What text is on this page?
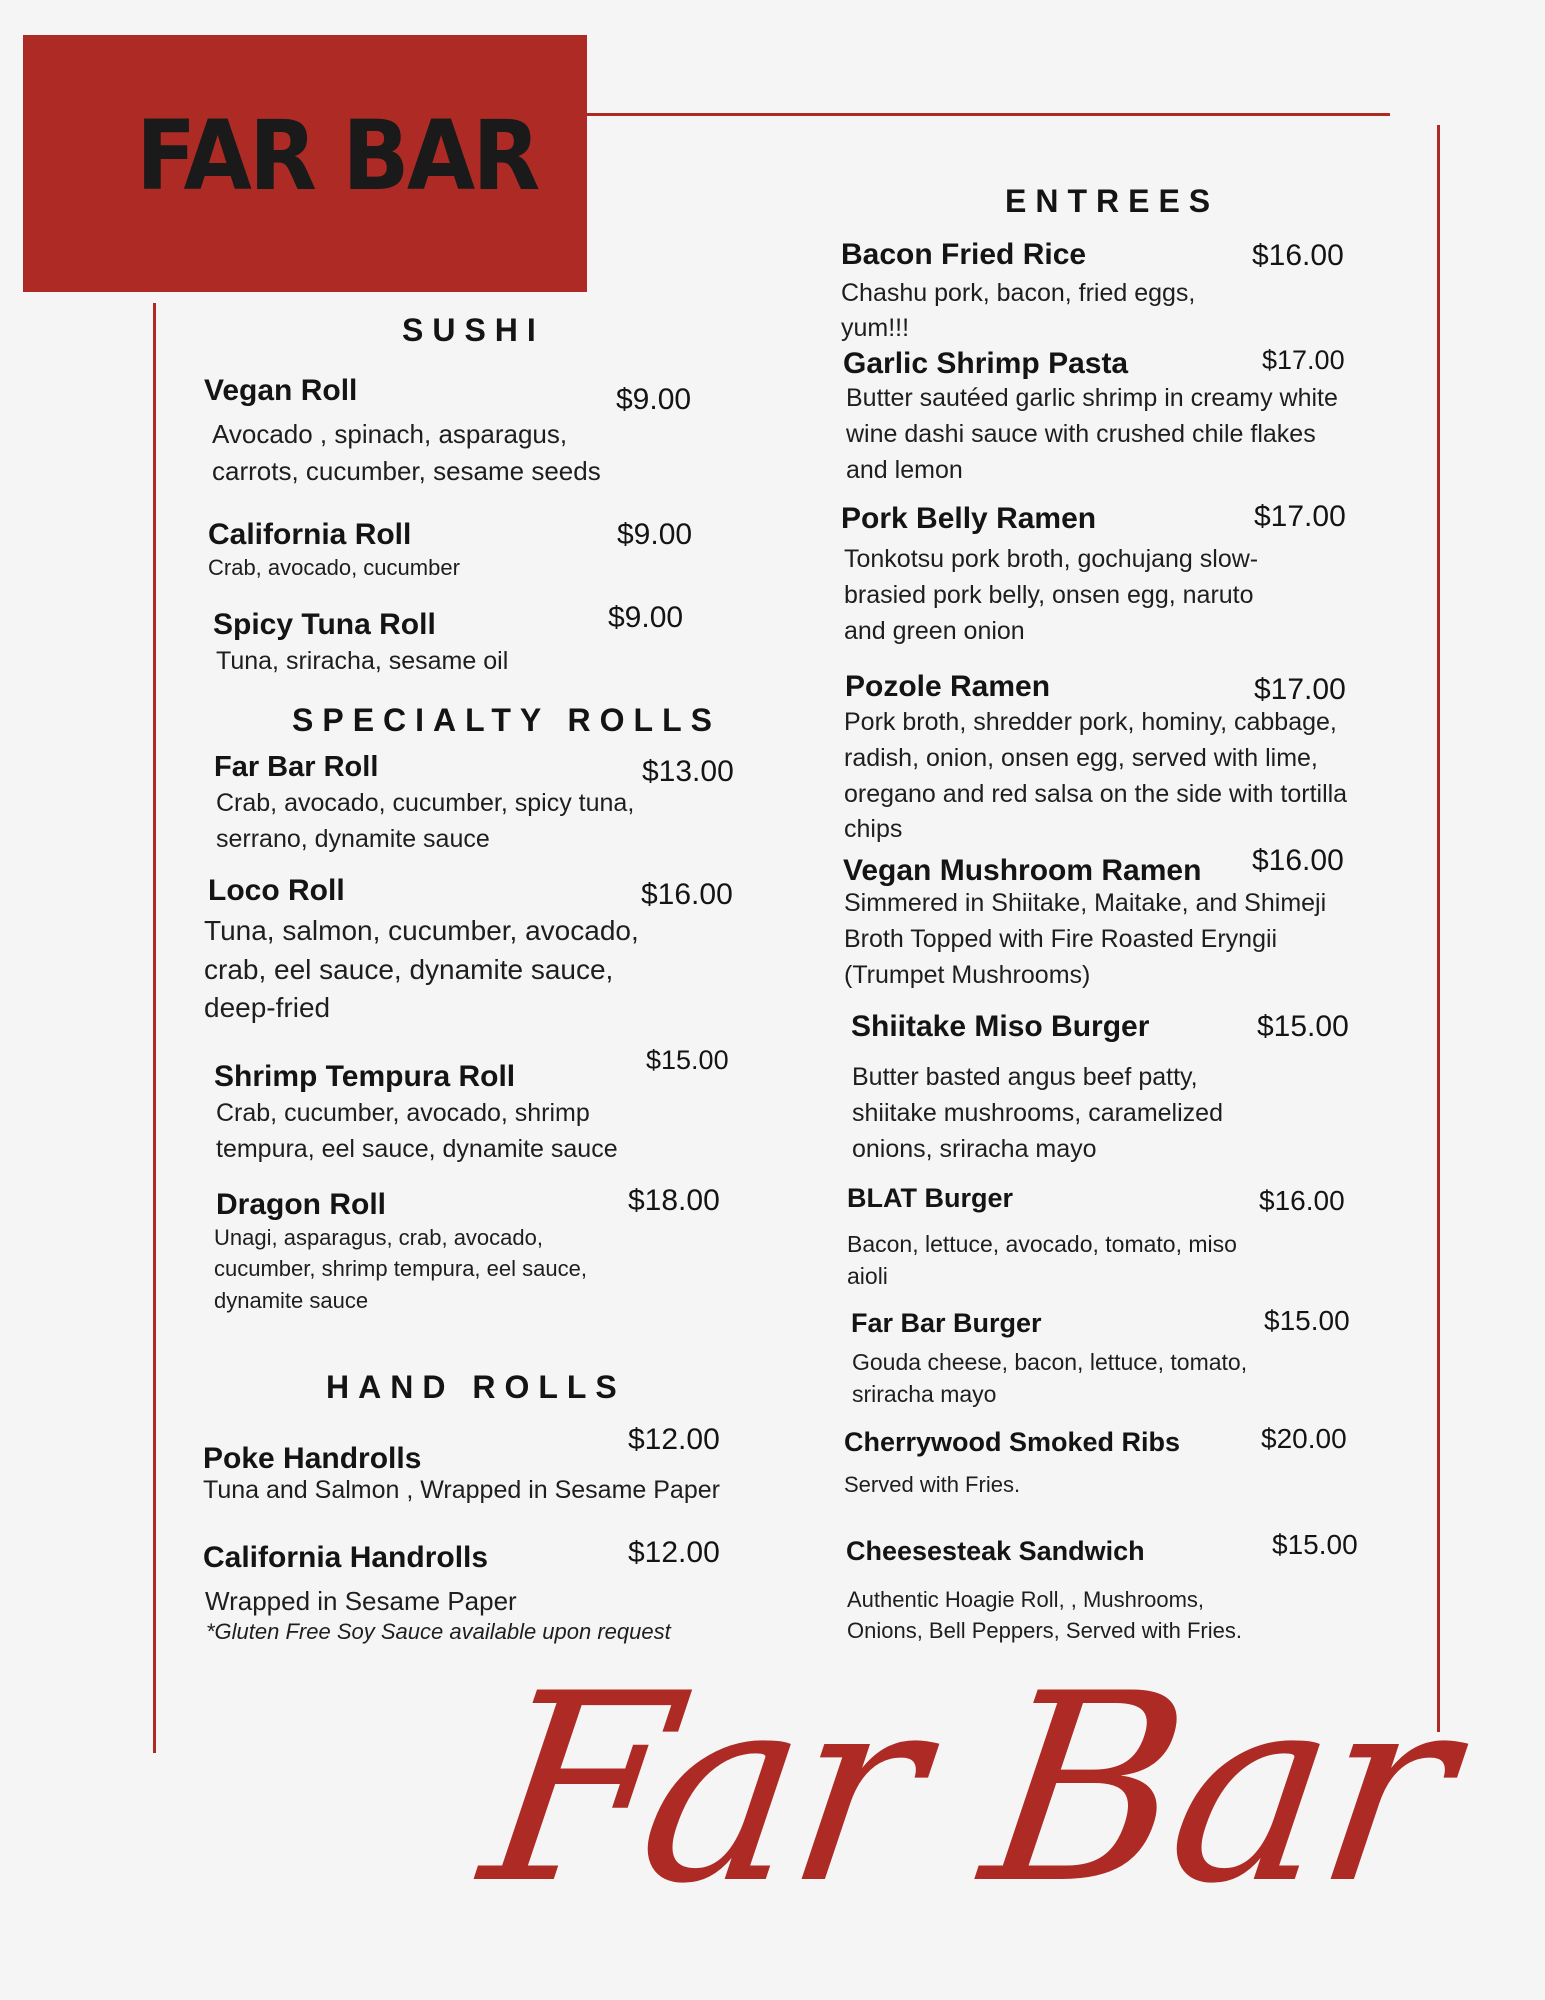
FAR BAR
SUSHI
Vegan Roll	$9.00
Avocado , spinach, asparagus, carrots, cucumber, sesame seeds
California Roll	$9.00
Crab, avocado, cucumber
Spicy Tuna Roll	$9.00
Tuna, sriracha, sesame oil
SPECIALTY ROLLS
Far Bar Roll	$13.00
Crab, avocado, cucumber, spicy tuna, serrano, dynamite sauce
Loco Roll	$16.00
Tuna, salmon, cucumber, avocado, crab, eel sauce, dynamite sauce, deep-fried
Shrimp Tempura Roll	$15.00
Crab, cucumber, avocado, shrimp tempura, eel sauce, dynamite sauce
Dragon Roll	$18.00
Unagi, asparagus, crab, avocado, cucumber, shrimp tempura, eel sauce, dynamite sauce
HAND ROLLS
Poke Handrolls
$12.00
Tuna and Salmon , Wrapped in Sesame Paper
California Handrolls	$12.00
Wrapped in Sesame Paper
*Gluten Free Soy Sauce available upon request
ENTREES
Bacon Fried Rice	$16.00
Chashu pork, bacon, fried eggs, yum!!!
Garlic Shrimp Pasta	$17.00
Butter sautéed garlic shrimp in creamy white wine dashi sauce with crushed chile flakes and lemon
Pork Belly Ramen	$17.00
Tonkotsu pork broth, gochujang slow-brasied pork belly, onsen egg, naruto and green onion
Pozole Ramen	$17.00
Pork broth, shredder pork, hominy, cabbage, radish, onion, onsen egg, served with lime, oregano and red salsa on the side with tortilla chips
Vegan Mushroom Ramen $16.00
Simmered in Shiitake, Maitake, and Shimeji Broth Topped with Fire Roasted Eryngii (Trumpet Mushrooms)
Shiitake Miso Burger	$15.00
Butter basted angus beef patty, shiitake mushrooms, caramelized onions, sriracha mayo
BLAT Burger	$16.00
Bacon, lettuce, avocado, tomato, miso aioli
Far Bar Burger	$15.00
Gouda cheese, bacon, lettuce, tomato, sriracha mayo
Cherrywood Smoked Ribs	$20.00
Served with Fries.
Cheesesteak Sandwich	$15.00
Authentic Hoagie Roll, , Mushrooms, Onions, Bell Peppers, Served with Fries.
Far Bar
